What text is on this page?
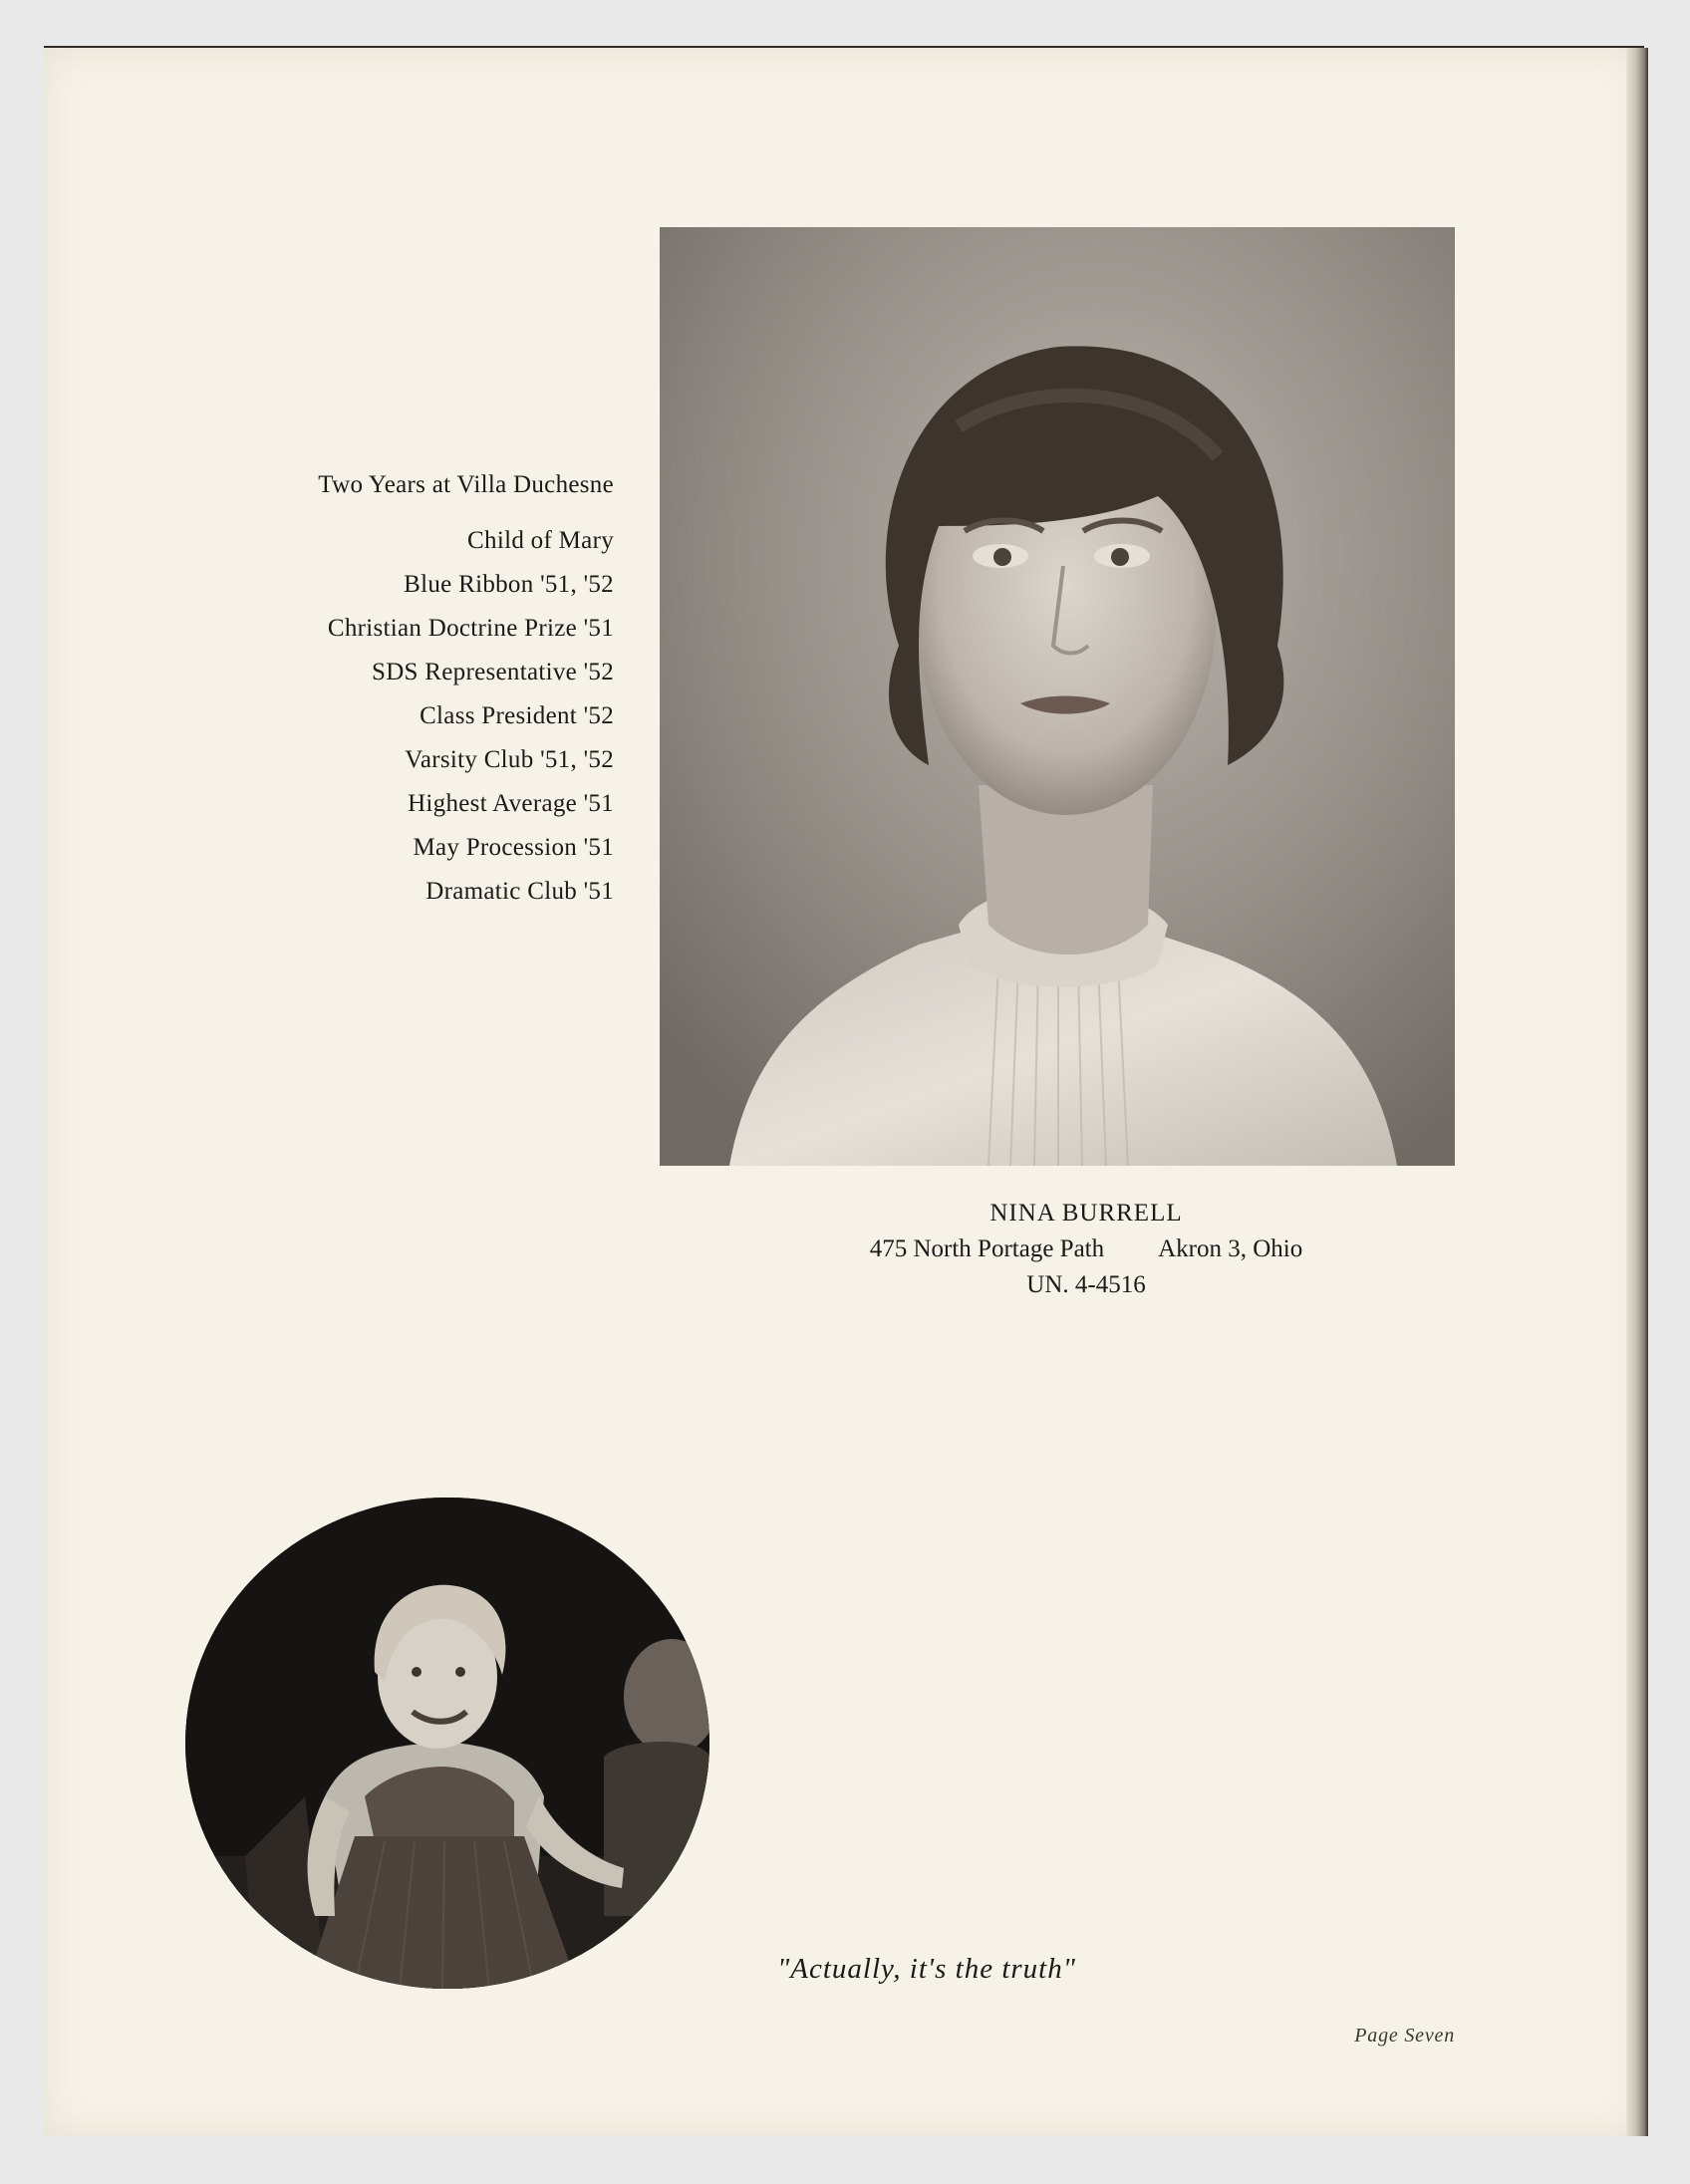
Two Years at Villa Duchesne
Child of Mary
Blue Ribbon '51, '52
Christian Doctrine Prize '51
SDS Representative '52
Class President '52
Varsity Club '51, '52
Highest Average '51
May Procession '51
Dramatic Club '51
NINA BURRELL
475 North Portage Path Akron 3, Ohio
UN. 4-4516
"Actually, it's the truth"
Page Seven
